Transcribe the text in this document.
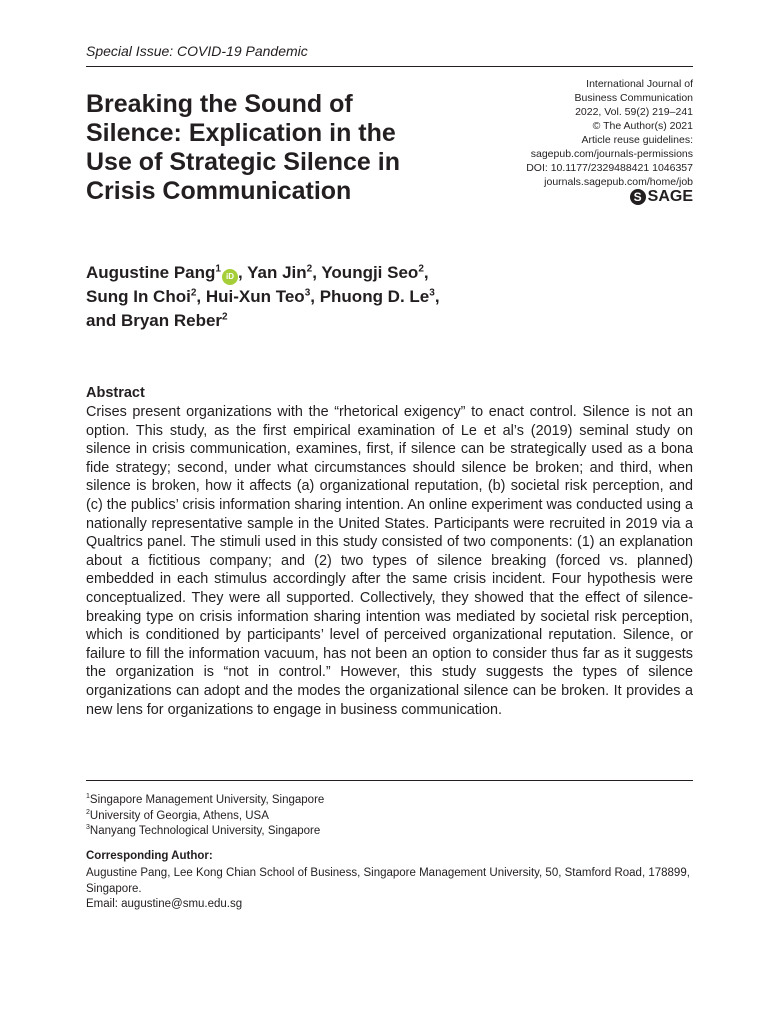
Special Issue: COVID-19 Pandemic
Breaking the Sound of
Silence: Explication in the
Use of Strategic Silence in
Crisis Communication
International Journal of
Business Communication
2022, Vol. 59(2) 219–241
© The Author(s) 2021
Article reuse guidelines:
sagepub.com/journals-permissions
DOI: 10.1177/2329488421 1046357
journals.sagepub.com/home/job
S SAGE
Augustine Pang$^1$iD , Yan Jin$^2$, Youngji Seo$^2$,
Sung In Choi$^2$, Hui-Xun Teo$^3$, Phuong D. Le$^3$,
and Bryan Reber$^2$
Abstract

Crises present organizations with the “rhetorical exigency” to enact control. Silence is not an option. This study, as the first empirical examination of Le et al’s (2019) seminal study on silence in crisis communication, examines, first, if silence can be strategically used as a bona fide strategy; second, under what circumstances should silence be broken; and third, when silence is broken, how it affects (a) organizational reputation, (b) societal risk perception, and (c) the publics’ crisis information sharing intention. An online experiment was conducted using a nationally representative sample in the United States. Participants were recruited in 2019 via a Qualtrics panel. The stimuli used in this study consisted of two components: (1) an explanation about a fictitious company; and (2) two types of silence breaking (forced vs. planned) embedded in each stimulus accordingly after the same crisis incident. Four hypothesis were conceptualized. They were all supported. Collectively, they showed that the effect of silence-breaking type on crisis information sharing intention was mediated by societal risk perception, which is conditioned by participants’ level of perceived organizational reputation. Silence, or failure to fill the information vacuum, has not been an option to consider thus far as it suggests the organization is “not in control.” However, this study suggests the types of silence organizations can adopt and the modes the organizational silence can be broken. It provides a new lens for organizations to engage in business communication.

$^1$Singapore Management University, Singapore
$^2$University of Georgia, Athens, USA
$^3$Nanyang Technological University, Singapore
Corresponding Author:
Augustine Pang, Lee Kong Chian School of Business, Singapore Management University, 50, Stamford Road, 178899, Singapore.
Email: augustine@smu.edu.sg
